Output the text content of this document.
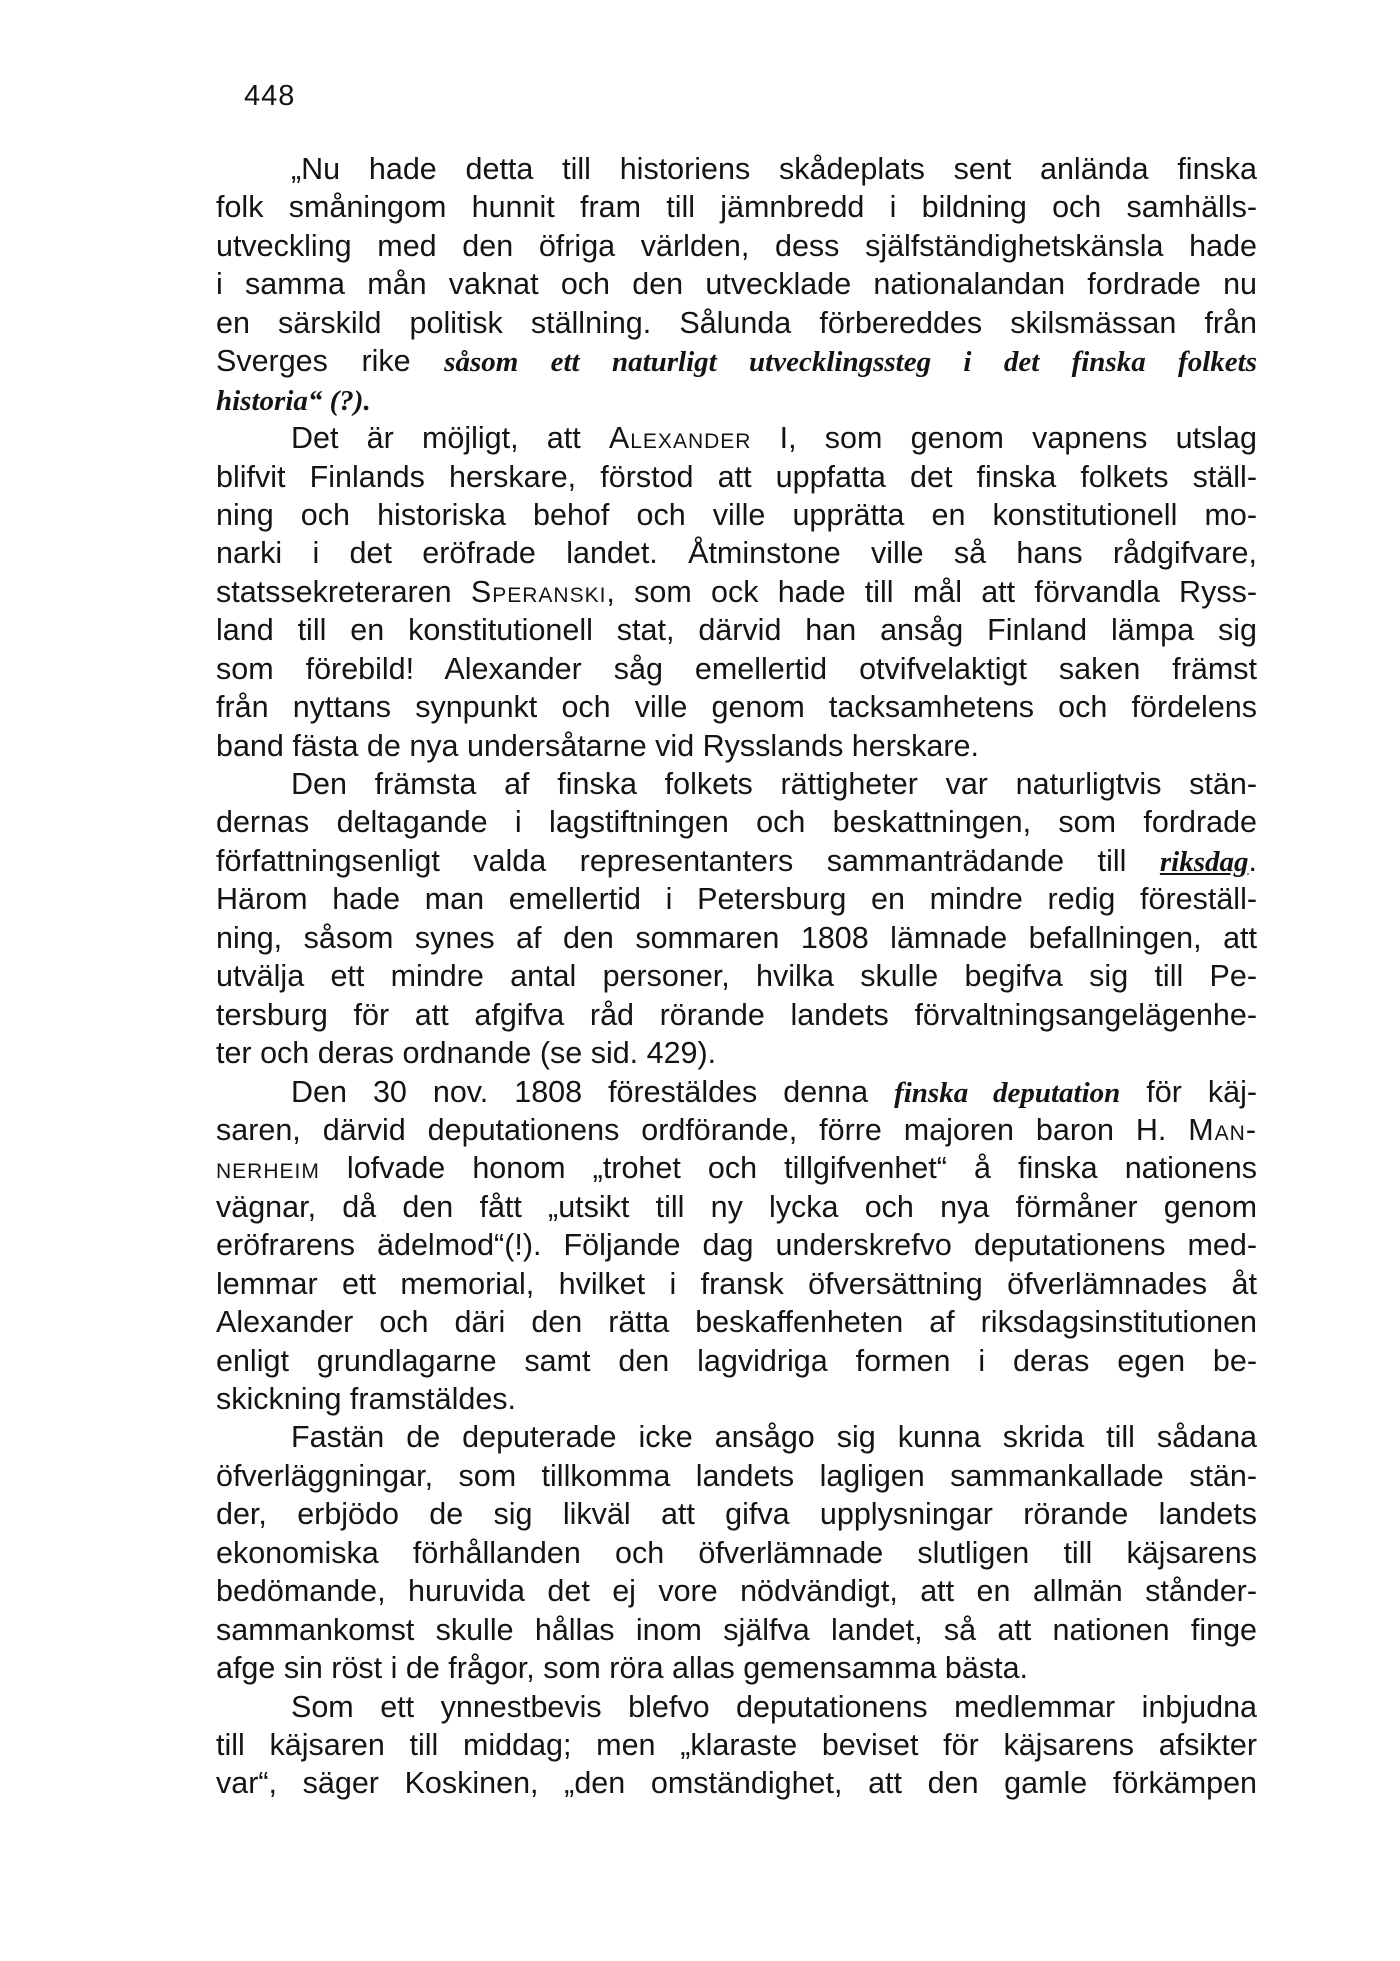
448
„Nu hade detta till historiens skådeplats sent anlända finska
folk småningom hunnit fram till jämnbredd i bildning och samhälls-
utveckling med den öfriga världen, dess själfständighetskänsla hade
i samma mån vaknat och den utvecklade nationalandan fordrade nu
en särskild politisk ställning. Sålunda förbereddes skilsmässan från
Sverges rike såsom ett naturligt utvecklingssteg i det finska folkets
historia“ (?).
Det är möjligt, att Alexander I, som genom vapnens utslag
blifvit Finlands herskare, förstod att uppfatta det finska folkets ställ-
ning och historiska behof och ville upprätta en konstitutionell mo-
narki i det eröfrade landet. Åtminstone ville så hans rådgifvare,
statssekreteraren Speranski, som ock hade till mål att förvandla Ryss-
land till en konstitutionell stat, därvid han ansåg Finland lämpa sig
som förebild! Alexander såg emellertid otvifvelaktigt saken främst
från nyttans synpunkt och ville genom tacksamhetens och fördelens
band fästa de nya undersåtarne vid Rysslands herskare.
Den främsta af finska folkets rättigheter var naturligtvis stän-
dernas deltagande i lagstiftningen och beskattningen, som fordrade
författningsenligt valda representanters sammanträdande till riksdag.
Härom hade man emellertid i Petersburg en mindre redig föreställ-
ning, såsom synes af den sommaren 1808 lämnade befallningen, att
utvälja ett mindre antal personer, hvilka skulle begifva sig till Pe-
tersburg för att afgifva råd rörande landets förvaltningsangelägenhe-
ter och deras ordnande (se sid. 429).
Den 30 nov. 1808 förestäldes denna finska deputation för käj-
saren, därvid deputationens ordförande, förre majoren baron H. Man-
nerheim lofvade honom „trohet och tillgifvenhet“ å finska nationens
vägnar, då den fått „utsikt till ny lycka och nya förmåner genom
eröfrarens ädelmod“(!). Följande dag underskrefvo deputationens med-
lemmar ett memorial, hvilket i fransk öfversättning öfverlämnades åt
Alexander och däri den rätta beskaffenheten af riksdagsinstitutionen
enligt grundlagarne samt den lagvidriga formen i deras egen be-
skickning framstäldes.
Fastän de deputerade icke ansågo sig kunna skrida till sådana
öfverläggningar, som tillkomma landets lagligen sammankallade stän-
der, erbjödo de sig likväl att gifva upplysningar rörande landets
ekonomiska förhållanden och öfverlämnade slutligen till käjsarens
bedömande, huruvida det ej vore nödvändigt, att en allmän stånder-
sammankomst skulle hållas inom själfva landet, så att nationen finge
afge sin röst i de frågor, som röra allas gemensamma bästa.
Som ett ynnestbevis blefvo deputationens medlemmar inbjudna
till käjsaren till middag; men „klaraste beviset för käjsarens afsikter
var“, säger Koskinen, „den omständighet, att den gamle förkämpen
